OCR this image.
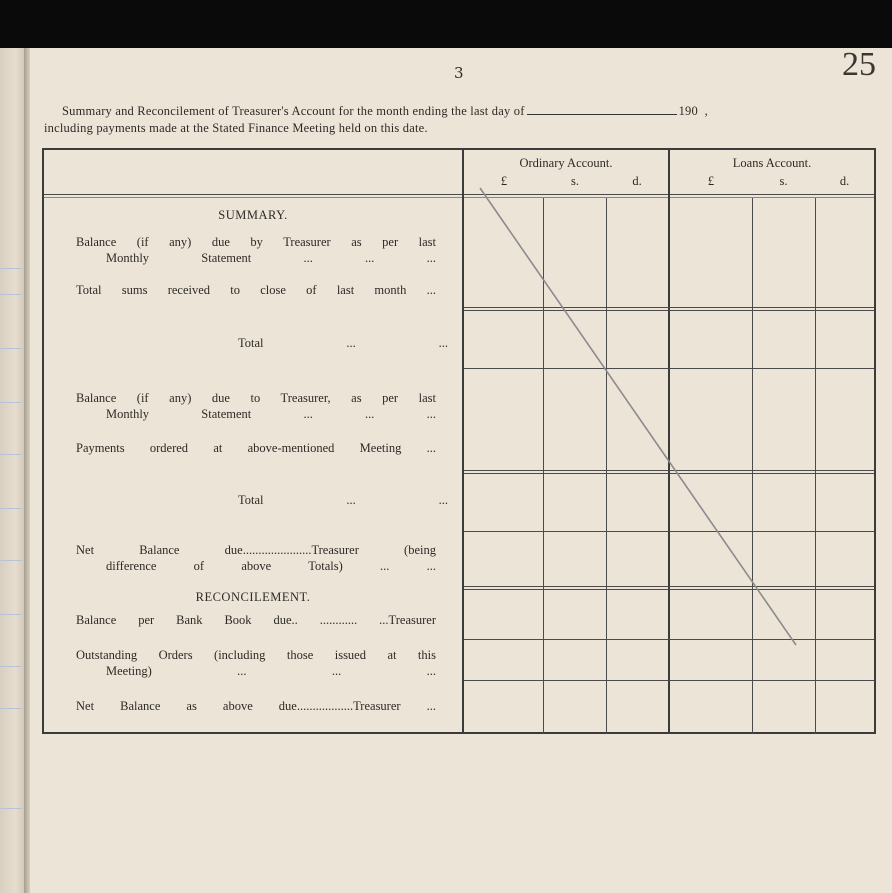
3	25
Summary and Reconcilement of Treasurer's Account for the month ending the last day of	190 ,
including payments made at the Stated Finance Meeting held on this date.
Ordinary Account.
£	s.	d.
Loans Account.
£	s.	d.
SUMMARY.
Balance (if any) due by Treasurer as per last
Monthly Statement ... ... ...
Total sums received to close of last month ...
Total ... ...
Balance (if any) due to Treasurer, as per last
Monthly Statement ... ... ...
Payments ordered at above-mentioned Meeting ...
Total ... ...
Net Balance due......................Treasurer (being
difference of above Totals) ... ...
RECONCILEMENT.
Balance per Bank Book due.. ............ ...Treasurer
Outstanding Orders (including those issued at this
Meeting) ... ... ...
Net Balance as above due..................Treasurer ...
